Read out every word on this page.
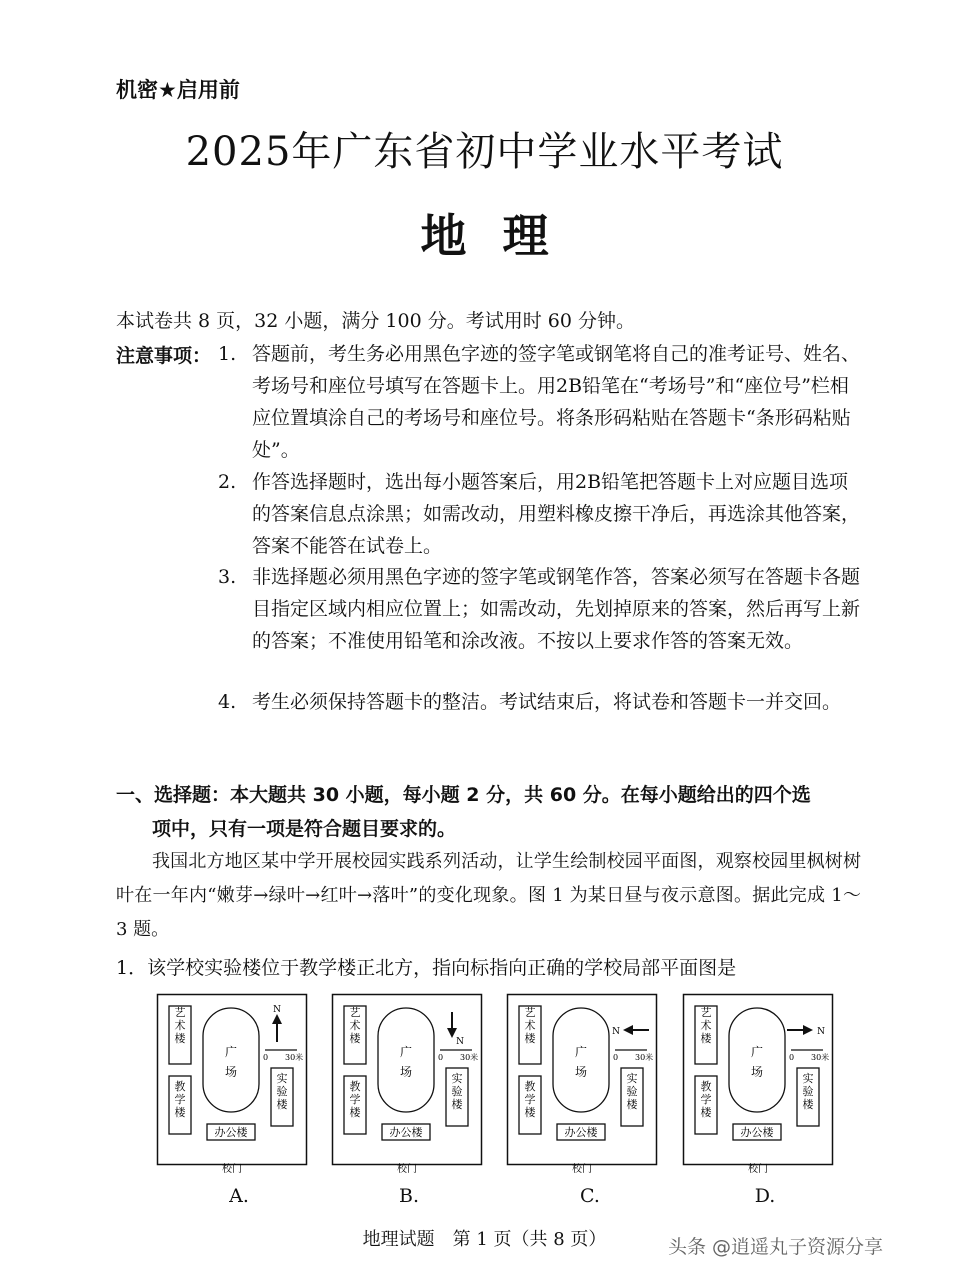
机密★启用前
2025年广东省初中学业水平考试
地理
本试卷共 8 页，32 小题，满分 100 分。考试用时 60 分钟。
注意事项： 1. 答题前，考生务必用黑色字迹的签字笔或钢笔将自己的准考证号、姓名、考场号和座位号填写在答题卡上。用2B铅笔在“考场号”和“座位号”栏相应位置填涂自己的考场号和座位号。将条形码粘贴在答题卡“条形码粘贴处”。
2. 作答选择题时，选出每小题答案后，用2B铅笔把答题卡上对应题目选项的答案信息点涂黑；如需改动，用塑料橡皮擦干净后，再选涂其他答案，答案不能答在试卷上。
3. 非选择题必须用黑色字迹的签字笔或钢笔作答，答案必须写在答题卡各题目指定区域内相应位置上；如需改动，先划掉原来的答案，然后再写上新的答案；不准使用铅笔和涂改液。不按以上要求作答的答案无效。
4. 考生必须保持答题卡的整洁。考试结束后，将试卷和答题卡一并交回。
一、选择题：本大题共 30 小题，每小题 2 分，共 60 分。在每小题给出的四个选
项中，只有一项是符合题目要求的。
我国北方地区某中学开展校园实践系列活动，让学生绘制校园平面图，观察校园里枫树树叶在一年内“嫩芽→绿叶→红叶→落叶”的变化现象。图 1 为某日昼与夜示意图。据此完成 1～3 题。
1．该学校实验楼位于教学楼正北方，指向标指向正确的学校局部平面图是
艺术楼
广
场
教学楼
实验楼
办公楼
校门
0 30米
N	艺术楼
广
场
教学楼
实验楼
办公楼
校门
0 30米
N
艺术楼
广
场
教学楼
实验楼
办公楼
校门
0 30米
N
艺术楼
广
场
教学楼
实验楼
办公楼
校门
0 30米
N
A.	B.	C.	D.
地理试题　第 1 页（共 8 页）	头条 @逍遥丸子资源分享
